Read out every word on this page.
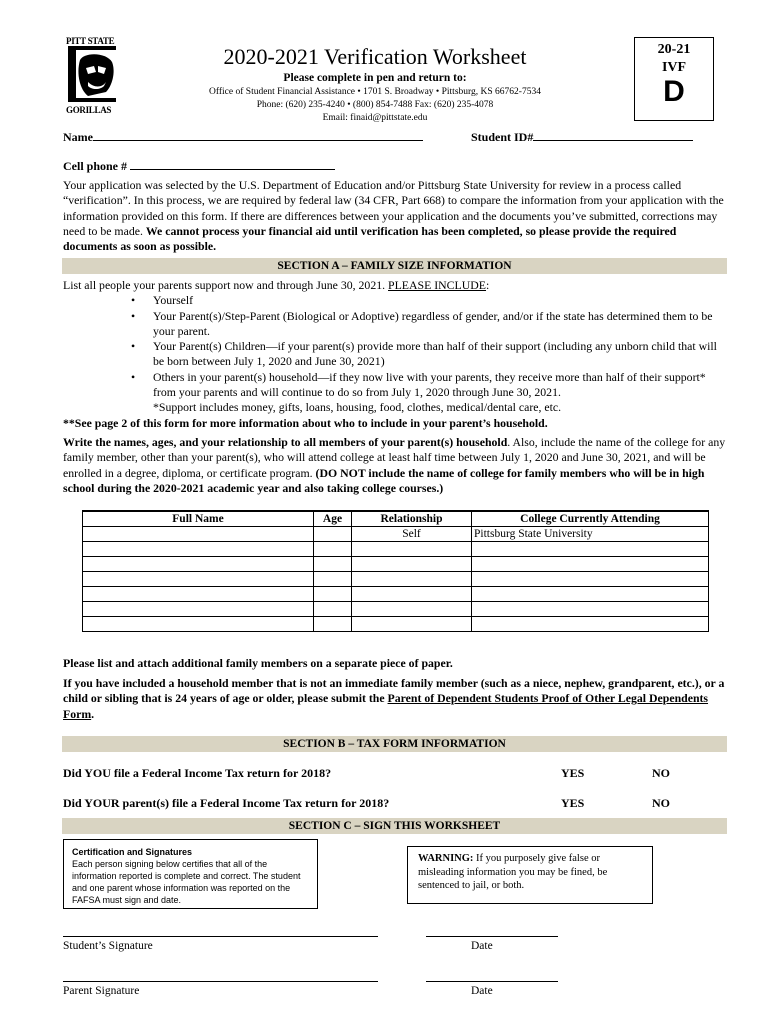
PITT STATE
GORILLAS
2020-2021 Verification Worksheet
Please complete in pen and return to:
Office of Student Financial Assistance • 1701 S. Broadway • Pittsburg, KS 66762-7534
Phone: (620) 235-4240 • (800) 854-7488 Fax: (620) 235-4078
Email: finaid@pittstate.edu
20-21
IVF
D
Name	Student ID#
Cell phone #
Your application was selected by the U.S. Department of Education and/or Pittsburg State University for review in a process called “verification”. In this process, we are required by federal law (34 CFR, Part 668) to compare the information from your application with the information provided on this form. If there are differences between your application and the documents you’ve submitted, corrections may need to be made. We cannot process your financial aid until verification has been completed, so please provide the required documents as soon as possible.
SECTION A – FAMILY SIZE INFORMATION
List all people your parents support now and through June 30, 2021. PLEASE INCLUDE:
• Yourself
• Your Parent(s)/Step-Parent (Biological or Adoptive) regardless of gender, and/or if the state has determined them to be your parent.
• Your Parent(s) Children—if your parent(s) provide more than half of their support (including any unborn child that will be born between July 1, 2020 and June 30, 2021)
• Others in your parent(s) household—if they now live with your parents, they receive more than half of their support* from your parents and will continue to do so from July 1, 2020 through June 30, 2021.
*Support includes money, gifts, loans, housing, food, clothes, medical/dental care, etc.
**See page 2 of this form for more information about who to include in your parent’s household.
Write the names, ages, and your relationship to all members of your parent(s) household. Also, include the name of the college for any family member, other than your parent(s), who will attend college at least half time between July 1, 2020 and June 30, 2021, and will be enrolled in a degree, diploma, or certificate program. (DO NOT include the name of college for family members who will be in high school during the 2020-2021 academic year and also taking college courses.)
Full Name	Age	Relationship	College Currently Attending
		Self	Pittsburg State University

Please list and attach additional family members on a separate piece of paper.
If you have included a household member that is not an immediate family member (such as a niece, nephew, grandparent, etc.), or a child or sibling that is 24 years of age or older, please submit the Parent of Dependent Students Proof of Other Legal Dependents Form.
SECTION B – TAX FORM INFORMATION
Did YOU file a Federal Income Tax return for 2018?	YES	NO
Did YOUR parent(s) file a Federal Income Tax return for 2018?	YES	NO
SECTION C – SIGN THIS WORKSHEET
Certification and Signatures
Each person signing below certifies that all of the information reported is complete and correct. The student and one parent whose information was reported on the FAFSA must sign and date.
WARNING: If you purposely give false or misleading information you may be fined, be sentenced to jail, or both.
Student’s Signature	Date
Parent Signature	Date
